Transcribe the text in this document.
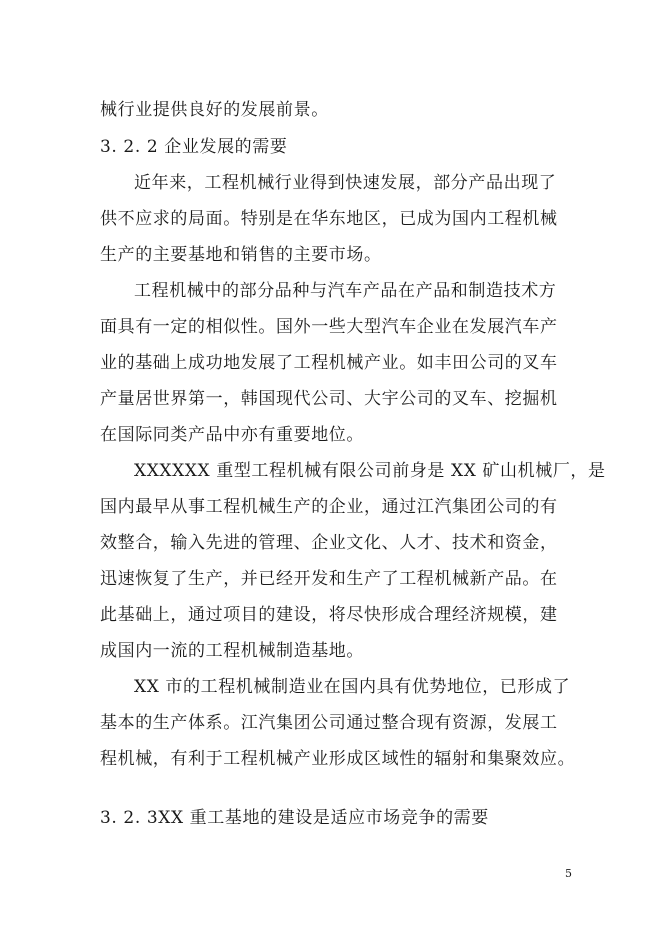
械行业提供良好的发展前景。
3. 2. 2 企业发展的需要
近年来，工程机械行业得到快速发展，部分产品出现了
供不应求的局面。特别是在华东地区，已成为国内工程机械
生产的主要基地和销售的主要市场。
工程机械中的部分品种与汽车产品在产品和制造技术方
面具有一定的相似性。国外一些大型汽车企业在发展汽车产
业的基础上成功地发展了工程机械产业。如丰田公司的叉车
产量居世界第一，韩国现代公司、大宇公司的叉车、挖掘机
在国际同类产品中亦有重要地位。
XXXXXX 重型工程机械有限公司前身是 XX 矿山机械厂，是
国内最早从事工程机械生产的企业，通过江汽集团公司的有
效整合，输入先进的管理、企业文化、人才、技术和资金，
迅速恢复了生产，并已经开发和生产了工程机械新产品。在
此基础上，通过项目的建设，将尽快形成合理经济规模，建
成国内一流的工程机械制造基地。
XX 市的工程机械制造业在国内具有优势地位，已形成了
基本的生产体系。江汽集团公司通过整合现有资源，发展工
程机械，有利于工程机械产业形成区域性的辐射和集聚效应。
3. 2. 3XX 重工基地的建设是适应市场竞争的需要
5
